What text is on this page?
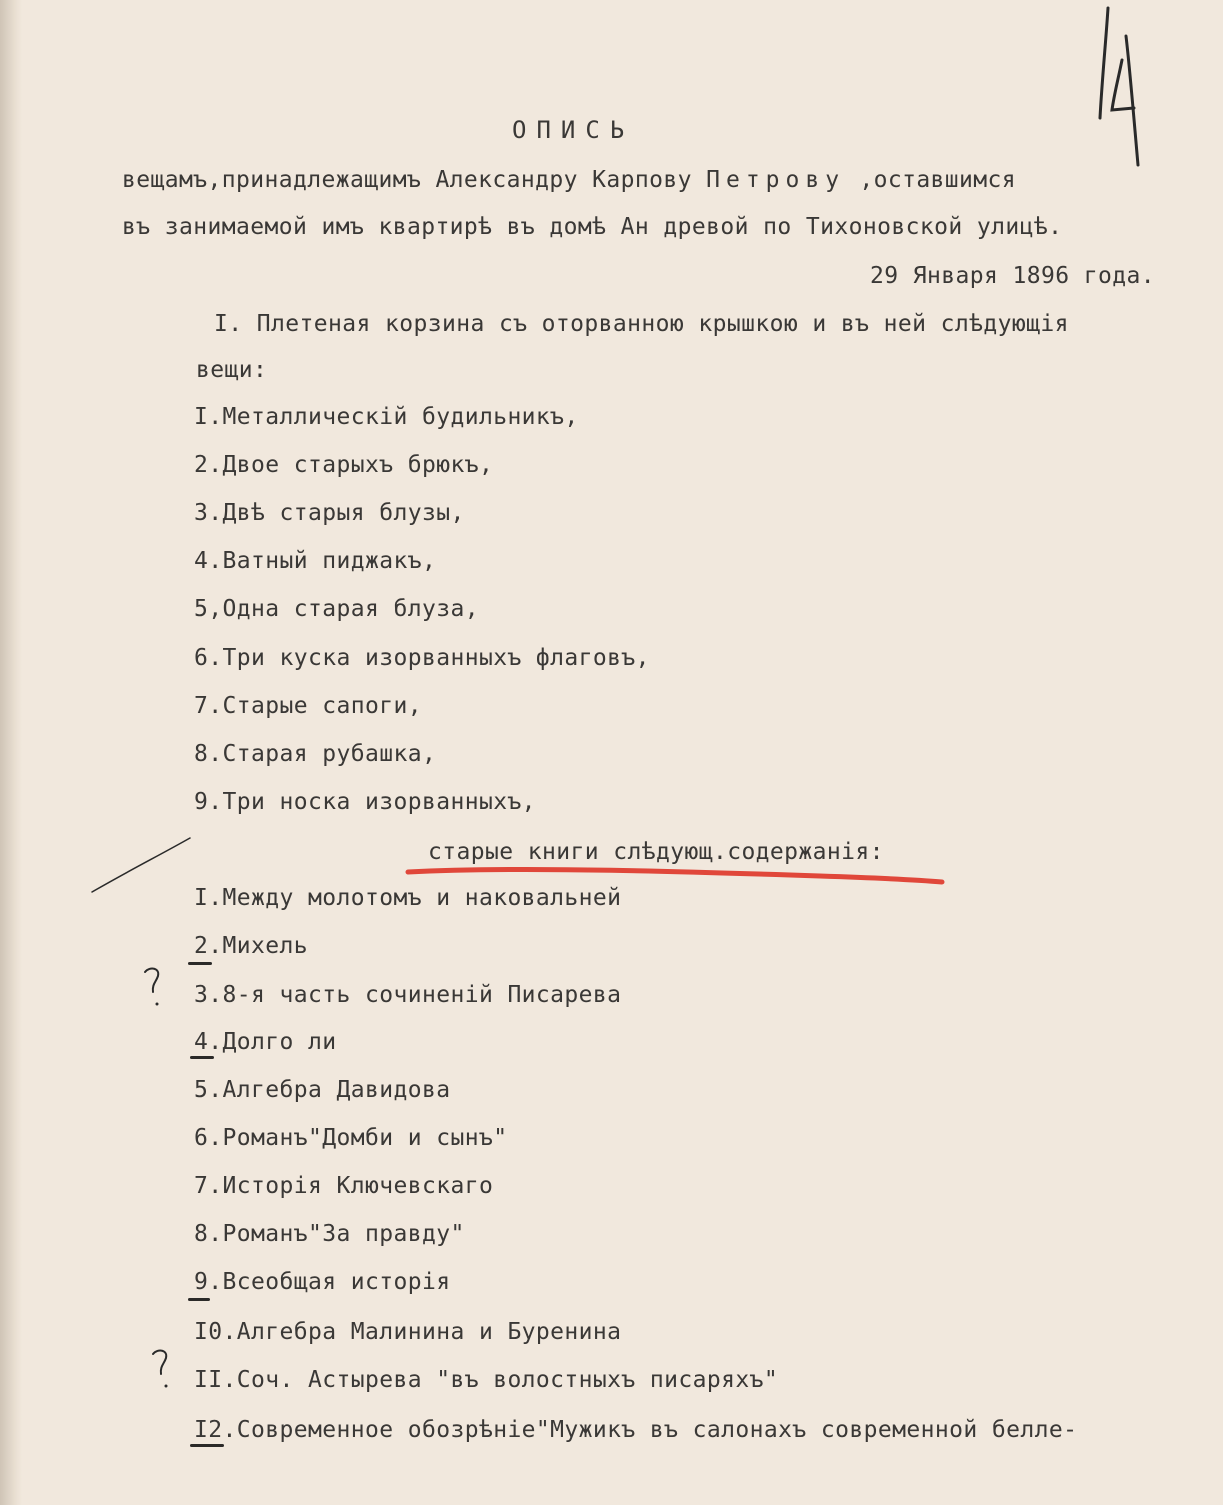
ОПИСЬ
вещамъ,принадлежащимъ Александру Карпову Петрову ,оставшимся
въ занимаемой имъ квартирѣ въ домѣ Ан древой по Тихоновской улицѣ.
29 Января 1896 года.
I. Плетеная корзина съ оторванною крышкою и въ ней слѣдующія
вещи:
I.Металлическiй будильникъ,
2.Двое старыхъ брюкъ,
3.Двѣ старыя блузы,
4.Ватный пиджакъ,
5,Одна старая блуза,
6.Три куска изорванныхъ флаговъ,
7.Старые сапоги,
8.Старая рубашка,
9.Три носка изорванныхъ,
старые книги слѣдующ.содержанiя:
I.Между молотомъ и наковальней
2.Михель
3.8-я часть сочиненiй Писарева
4.Долго ли
5.Алгебра Давидова
6.Романъ"Домби и сынъ"
7.Исторiя Ключевскаго
8.Романъ"За правду"
9.Всеобщая исторiя
I0.Алгебра Малинина и Буренина
II.Соч. Астырева "въ волостныхъ писаряхъ"
I2.Современное обозрѣнiе"Мужикъ въ салонахъ современной белле-
